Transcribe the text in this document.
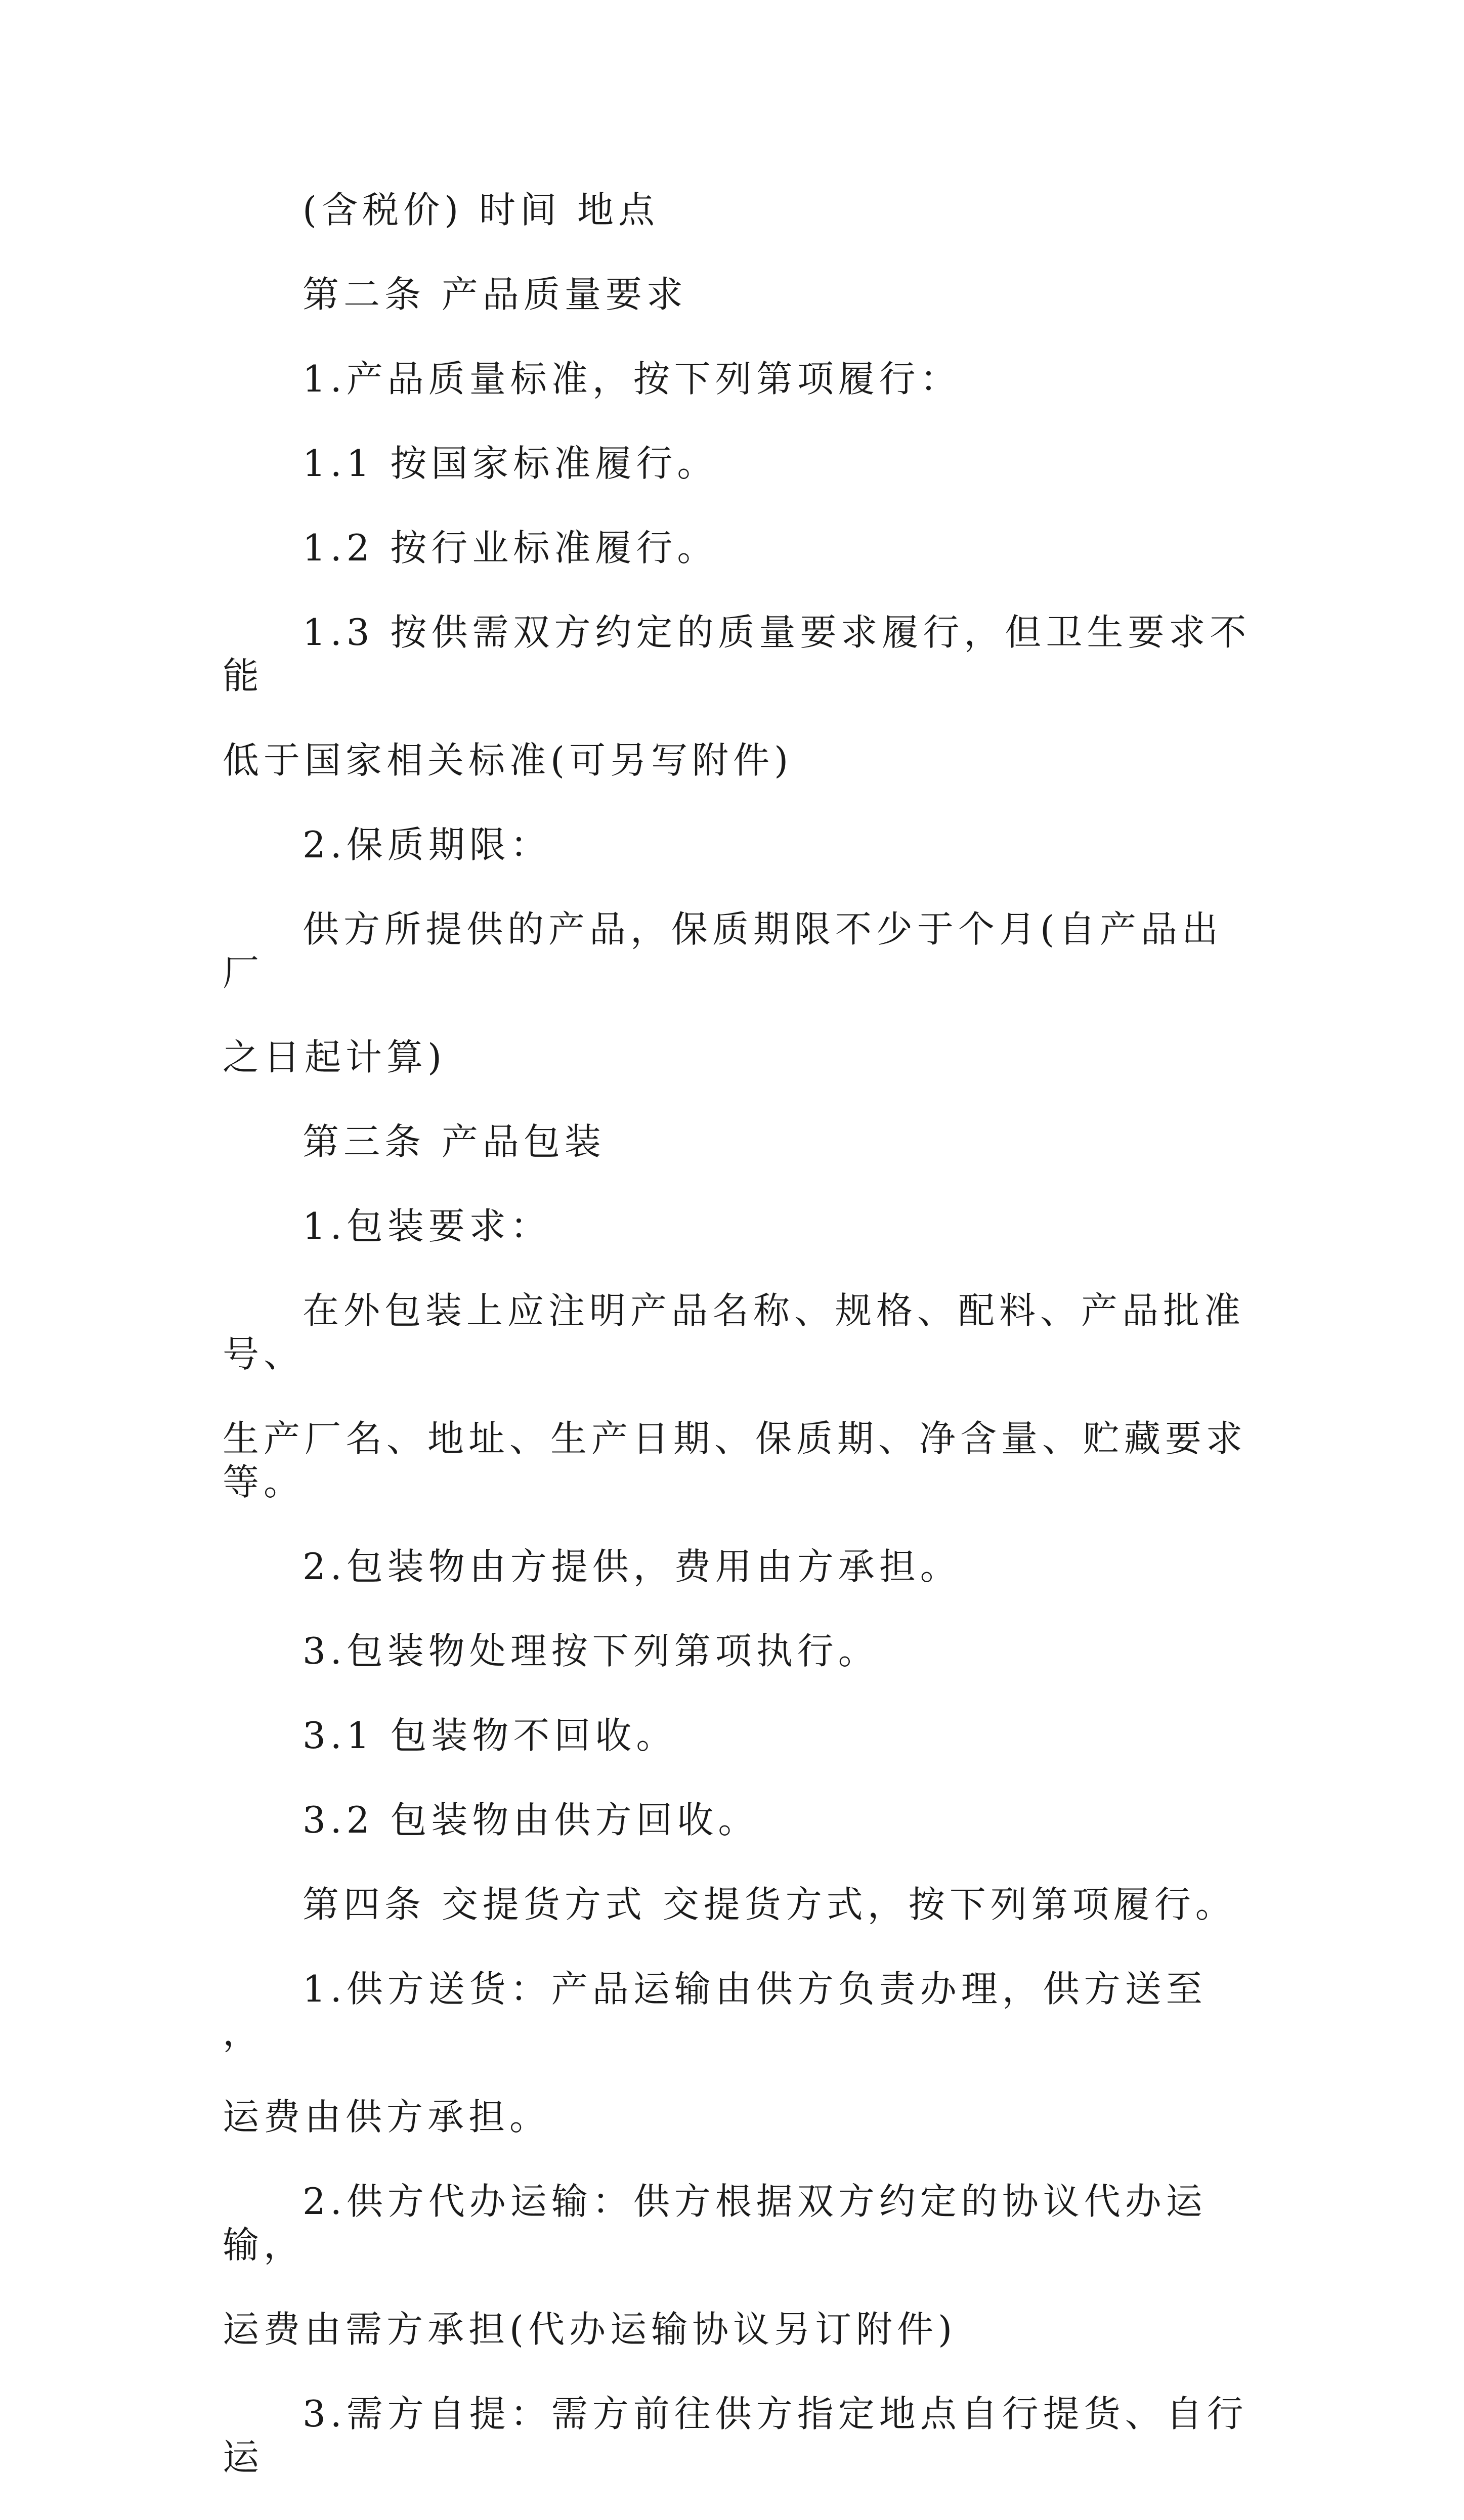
(含税价) 时间 地点

第二条 产品质量要求

1.产品质量标准，按下列第项履行：

1.1 按国家标准履行。

1.2 按行业标准履行。

1.3 按供需双方约定的质量要求履行，但卫生要求不能
低于国家相关标准(可另写附件)

2.保质期限：

供方所提供的产品，保质期限不少于个月(自产品出厂
之日起计算)

第三条 产品包装

1.包装要求：

在外包装上应注明产品名称、规格、配料、产品批准号、
生产厂名、地址、生产日期、保质期、净含量、贮藏要求等。

2.包装物由方提供，费用由方承担。

3.包装物处理按下列第项执行。

3.1 包装物不回收。

3.2 包装物由供方回收。

第四条 交提货方式 交提货方式，按下列第项履行。

1.供方送货：产品运输由供方负责办理，供方送至 ，
运费由供方承担。

2.供方代办运输：供方根据双方约定的协议代办运输，
运费由需方承担(代办运输协议另订附件)

3.需方自提：需方前往供方指定地点自行提货、自行运
